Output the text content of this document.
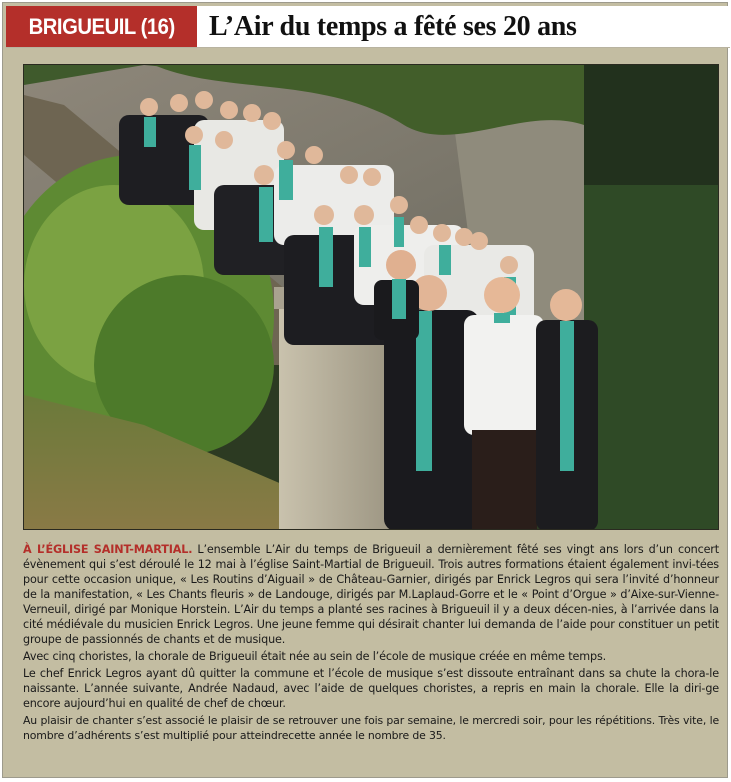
BRIGUEUIL (16)	L’Air du temps a fêté ses 20 ans

À L’ÉGLISE SAINT-MARTIAL. L’ensemble L’Air du temps de Brigueuil a dernièrement fêté ses vingt ans lors d’un concert évènement qui s’est déroulé le 12 mai à l’église Saint-Martial de Brigueuil. Trois autres formations étaient également invi-tées pour cette occasion unique, « Les Routins d’Aiguail » de Château-Garnier, dirigés par Enrick Legros qui sera l’invité d’honneur de la manifestation, « Les Chants fleuris » de Landouge, dirigés par M.Laplaud-Gorre et le « Point d’Orgue » d’Aixe-sur-Vienne-Verneuil, dirigé par Monique Horstein. L’Air du temps a planté ses racines à Brigueuil il y a deux décen-nies, à l’arrivée dans la cité médiévale du musicien Enrick Legros. Une jeune femme qui désirait chanter lui demanda de l’aide pour constituer un petit groupe de passionnés de chants et de musique.

Avec cinq choristes, la chorale de Brigueuil était née au sein de l’école de musique créée en même temps.

Le chef Enrick Legros ayant dû quitter la commune et l’école de musique s’est dissoute entraînant dans sa chute la chora-le naissante. L’année suivante, Andrée Nadaud, avec l’aide de quelques choristes, a repris en main la chorale. Elle la diri-ge encore aujourd’hui en qualité de chef de chœur.

Au plaisir de chanter s’est associé le plaisir de se retrouver une fois par semaine, le mercredi soir, pour les répétitions. Très vite, le nombre d’adhérents s’est multiplié pour atteindrecette année le nombre de 35.
